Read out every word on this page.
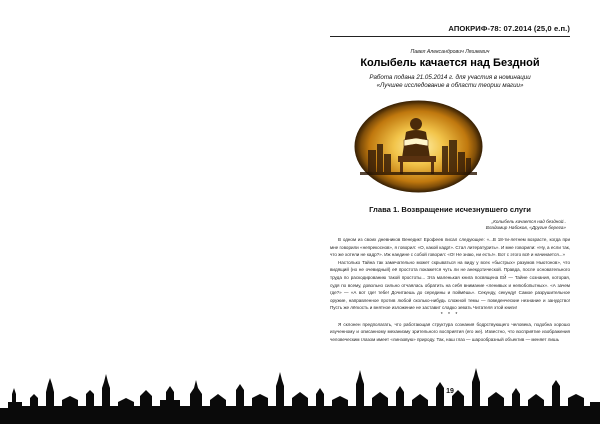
АПОКРИФ-78: 07.2014 (25,0 е.п.)
Павел Александрович Ляшкевич
Колыбель качается над Бездной
Работа подана 21.05.2014 г. для участия в номинации
«Лучшее исследование в области теории магии»
Глава 1. Возвращение исчезнувшего слуги
„Колыбель качается над бездной..
Владимир Набоков, «Другие берега»

В одном из своих дневников Венедикт Ерофеев писал следующее: «...В 18-ти-летнем возрасте, когда при мне говорили «непрекоснов», я говорил: «О, какой кадр!». Стал литературить». И мне говорили: «Ну, а если так, что же хотели не кадр?». Иж наедине с собой говорил: «О! Не знаю, ни есть!». Вот с этого всё и начинается...»

Настолько Тайна так замечательно может скрываться на виду у всех «быстрых» разумов Ньютонов», что видящий (но не очевидный) её простота покажется чуть ли не анекдотической. Правда, после основательного труда по раскодированию такой простоты... Эта маленькая книга посвящена ЕЙ — Тайне сознания, которая, судя по всему, довольно сильно отчаялась обратить на себя внимание «ленивых и нелюбопытных». «А зачем где?» — «А вот где! тебе! Дочитаешь до середины и поймёшь». Секунду, секунду! Самое разрушительное оружие, направленное против любой сколько-нибудь сложной темы — поведенческие незнание и занудство! Пусть же лёгкость и внятное изложение не заставит сладко зевать Читателя этой книги!

* * *

Я склонен предполагать, что работающая структура сознания бодрствующего человека, подобна хорошо изученному и описанному механизму зрительного восприятия (его же). Известно, что восприятие изображения человеческим глазом имеет «линзовую» природу. Так, наш глаз — шарообразный объектив — меняет лишь

19
